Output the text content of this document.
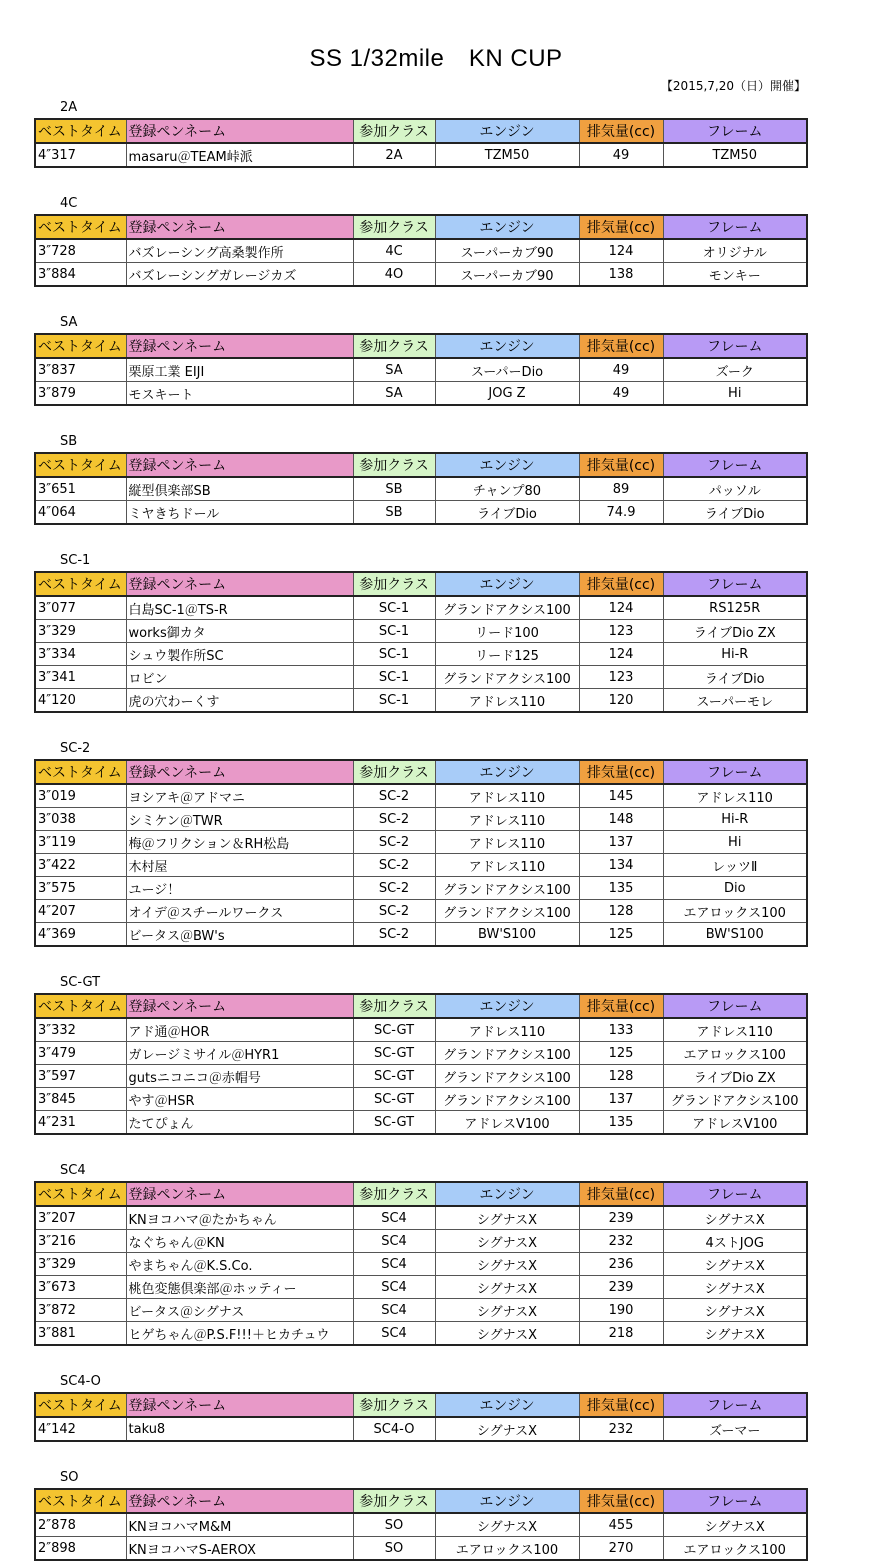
SS 1/32mile　KN CUP
【2015,7,20（日）開催】
2A
ベストタイム	登録ペンネーム	参加クラス	エンジン	排気量(cc)	フレーム
4″317	masaru＠TEAM峠派	2A	TZM50	49	TZM50
4C
ベストタイム	登録ペンネーム	参加クラス	エンジン	排気量(cc)	フレーム
3″728	バズレーシング高桑製作所	4C	スーパーカブ90	124	オリジナル
3″884	バズレーシングガレージカズ	4O	スーパーカブ90	138	モンキー
SA
ベストタイム	登録ペンネーム	参加クラス	エンジン	排気量(cc)	フレーム
3″837	栗原工業 EIJI	SA	スーパーDio	49	ズーク
3″879	モスキート	SA	JOG Z	49	Hi
SB
ベストタイム	登録ペンネーム	参加クラス	エンジン	排気量(cc)	フレーム
3″651	縦型倶楽部SB	SB	チャンプ80	89	パッソル
4″064	ミヤきちドール	SB	ライブDio	74.9	ライブDio
SC-1
ベストタイム	登録ペンネーム	参加クラス	エンジン	排気量(cc)	フレーム
3″077	白島SC-1＠TS-R	SC-1	グランドアクシス100	124	RS125R
3″329	works御カタ	SC-1	リード100	123	ライブDio ZX
3″334	シュウ製作所SC	SC-1	リード125	124	Hi-R
3″341	ロビン	SC-1	グランドアクシス100	123	ライブDio
4″120	虎の穴わーくす	SC-1	アドレス110	120	スーパーモレ
SC-2
ベストタイム	登録ペンネーム	参加クラス	エンジン	排気量(cc)	フレーム
3″019	ヨシアキ＠アドマニ	SC-2	アドレス110	145	アドレス110
3″038	シミケン＠TWR	SC-2	アドレス110	148	Hi-R
3″119	梅＠フリクション＆RH松島	SC-2	アドレス110	137	Hi
3″422	木村屋	SC-2	アドレス110	134	レッツⅡ
3″575	ユージ！	SC-2	グランドアクシス100	135	Dio
4″207	オイデ＠スチールワークス	SC-2	グランドアクシス100	128	エアロックス100
4″369	ビータス＠BW's	SC-2	BW'S100	125	BW'S100
SC-GT
ベストタイム	登録ペンネーム	参加クラス	エンジン	排気量(cc)	フレーム
3″332	アド通＠HOR	SC-GT	アドレス110	133	アドレス110
3″479	ガレージミサイル＠HYR1	SC-GT	グランドアクシス100	125	エアロックス100
3″597	gutsニコニコ＠赤帽号	SC-GT	グランドアクシス100	128	ライブDio ZX
3″845	やす＠HSR	SC-GT	グランドアクシス100	137	グランドアクシス100
4″231	たてぴょん	SC-GT	アドレスV100	135	アドレスV100
SC4
ベストタイム	登録ペンネーム	参加クラス	エンジン	排気量(cc)	フレーム
3″207	KNヨコハマ＠たかちゃん	SC4	シグナスX	239	シグナスX
3″216	なぐちゃん＠KN	SC4	シグナスX	232	4ストJOG
3″329	やまちゃん＠K.S.Co.	SC4	シグナスX	236	シグナスX
3″673	桃色変態倶楽部＠ホッティー	SC4	シグナスX	239	シグナスX
3″872	ビータス＠シグナス	SC4	シグナスX	190	シグナスX
3″881	ヒゲちゃん＠P.S.F!!!＋ヒカチュウ	SC4	シグナスX	218	シグナスX
SC4-O
ベストタイム	登録ペンネーム	参加クラス	エンジン	排気量(cc)	フレーム
4″142	taku8	SC4-O	シグナスX	232	ズーマー
SO
ベストタイム	登録ペンネーム	参加クラス	エンジン	排気量(cc)	フレーム
2″878	KNヨコハマM&M	SO	シグナスX	455	シグナスX
2″898	KNヨコハマS-AEROX	SO	エアロックス100	270	エアロックス100
